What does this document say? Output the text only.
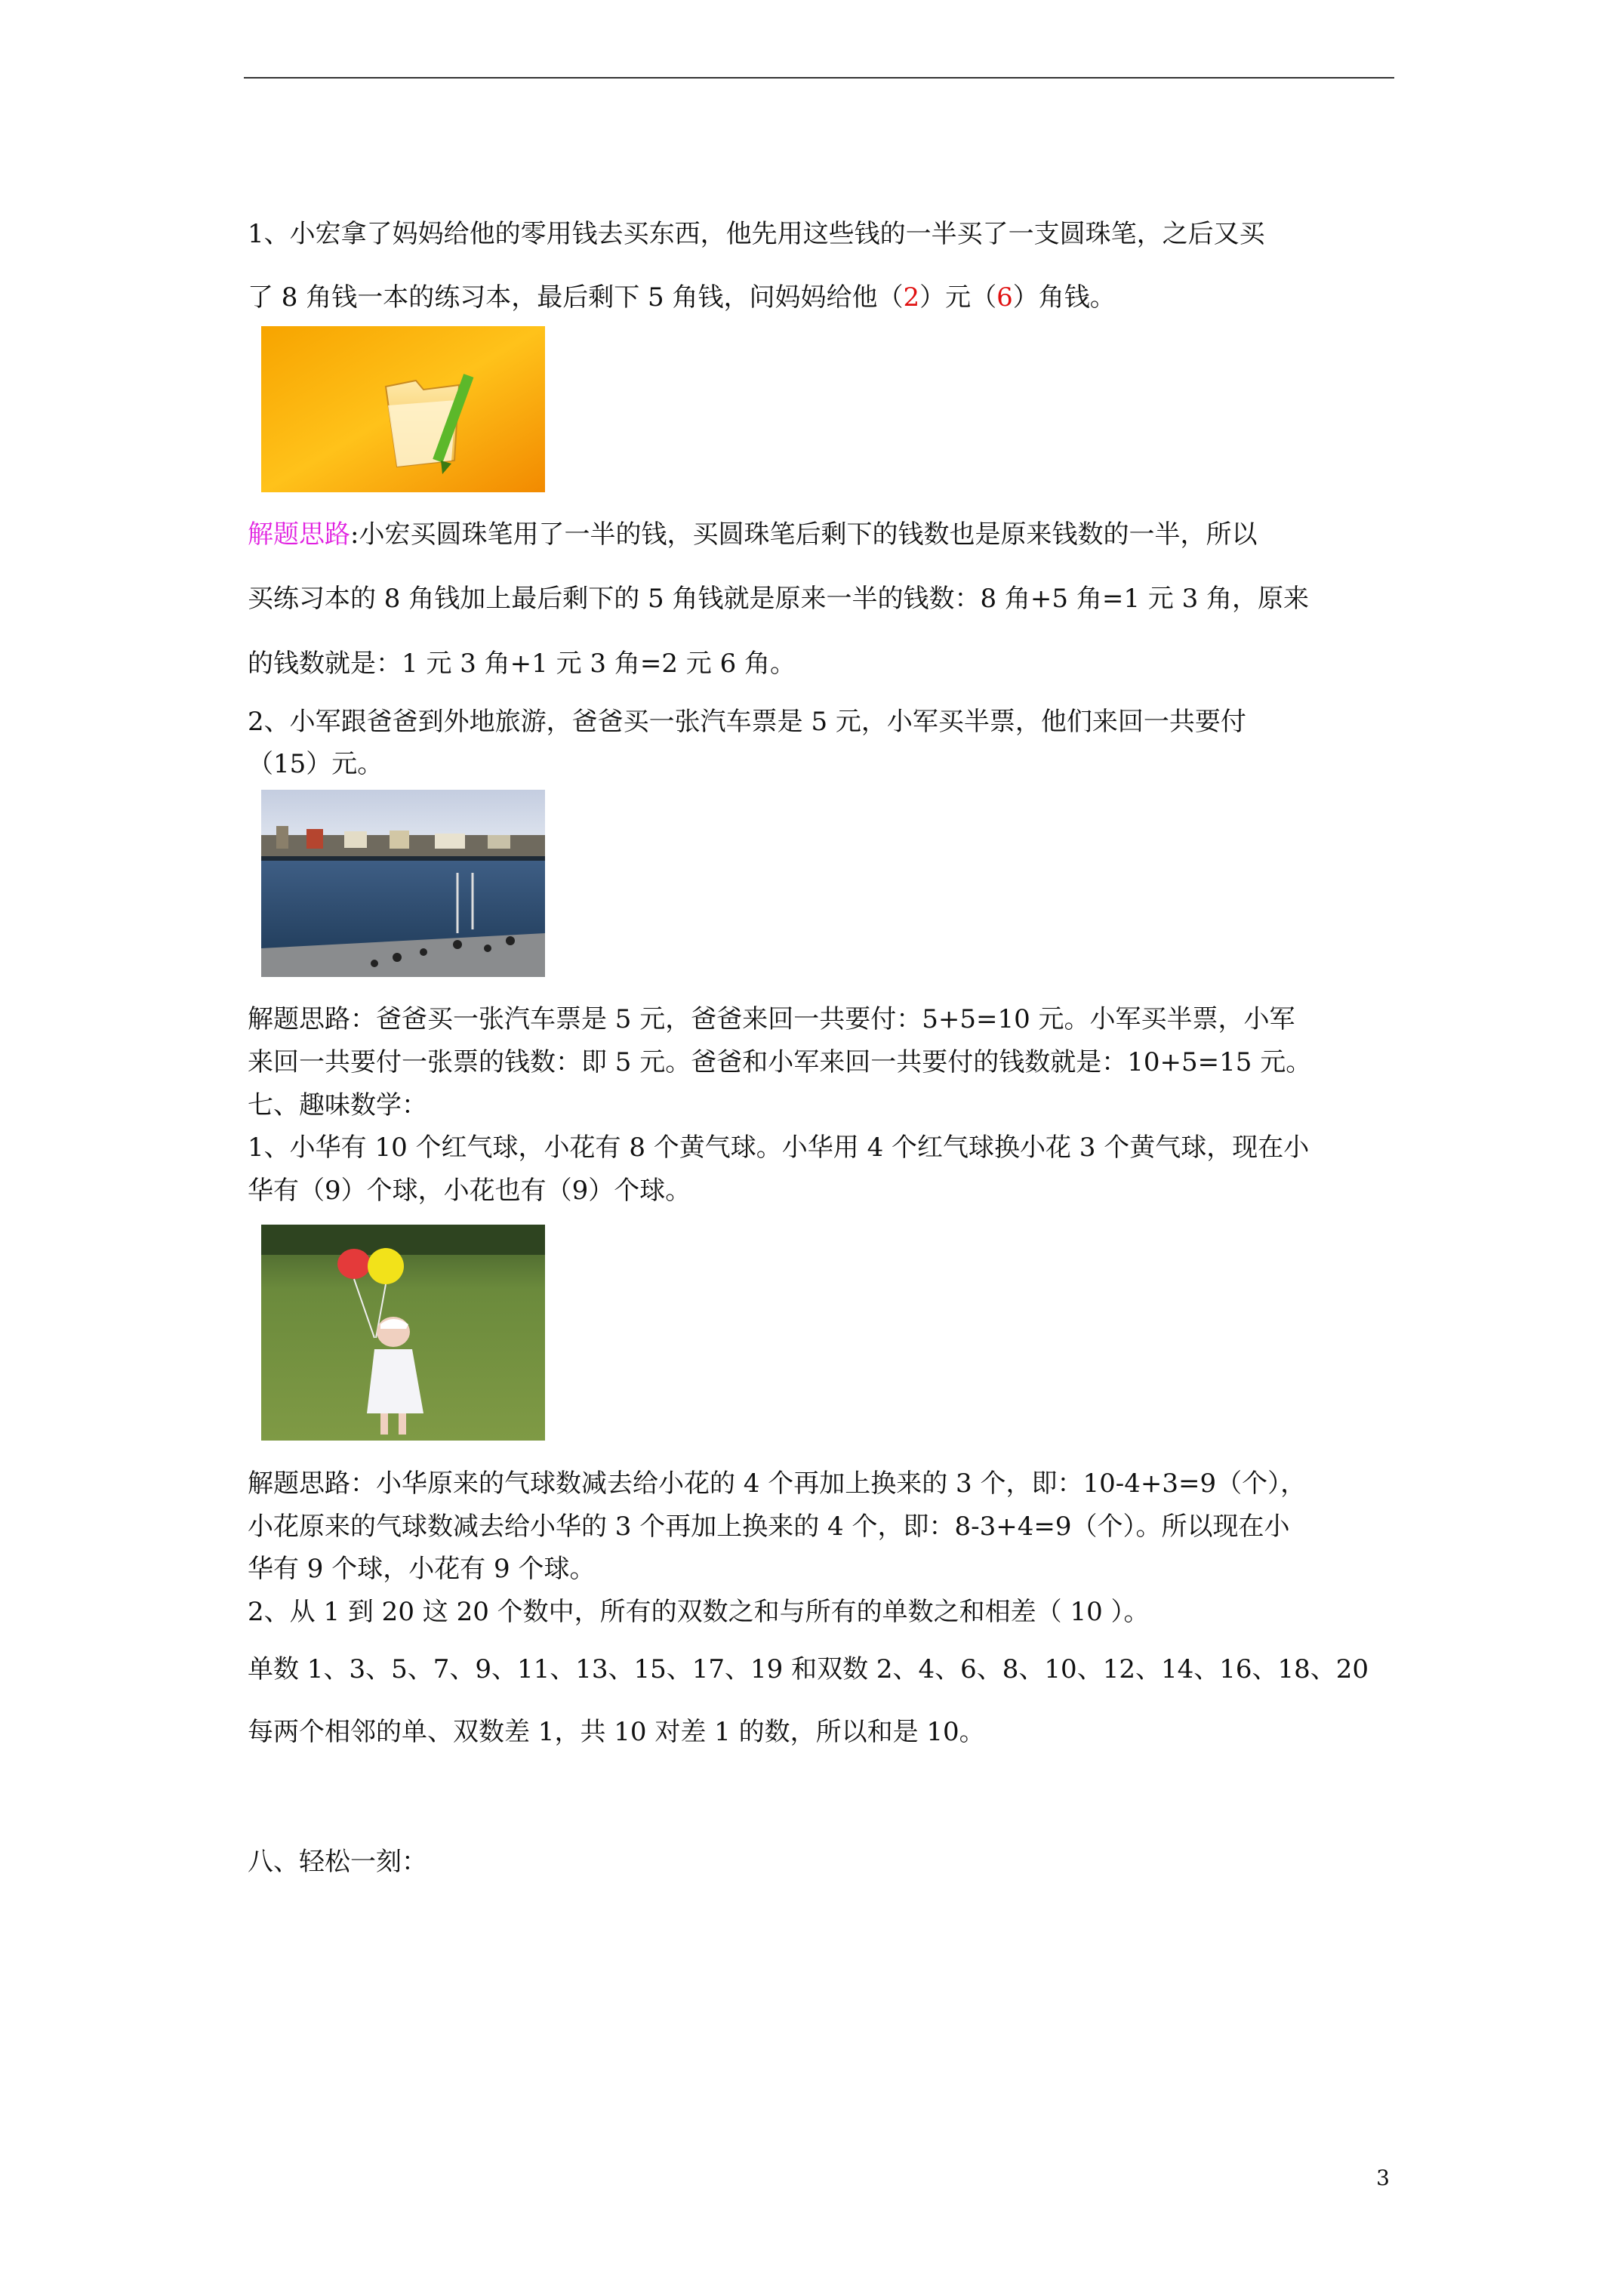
1、小宏拿了妈妈给他的零用钱去买东西，他先用这些钱的一半买了一支圆珠笔，之后又买
了 8 角钱一本的练习本，最后剩下 5 角钱，问妈妈给他（2）元（6）角钱。
解题思路:小宏买圆珠笔用了一半的钱，买圆珠笔后剩下的钱数也是原来钱数的一半，所以
买练习本的 8 角钱加上最后剩下的 5 角钱就是原来一半的钱数：8 角+5 角=1 元 3 角，原来
的钱数就是：1 元 3 角+1 元 3 角=2 元 6 角。
2、小军跟爸爸到外地旅游，爸爸买一张汽车票是 5 元，小军买半票，他们来回一共要付
（15）元。
解题思路：爸爸买一张汽车票是 5 元，爸爸来回一共要付：5+5=10 元。小军买半票，小军
来回一共要付一张票的钱数：即 5 元。爸爸和小军来回一共要付的钱数就是：10+5=15 元。
七、趣味数学：
1、小华有 10 个红气球，小花有 8 个黄气球。小华用 4 个红气球换小花 3 个黄气球，现在小
华有（9）个球，小花也有（9）个球。
解题思路：小华原来的气球数减去给小花的 4 个再加上换来的 3 个，即：10-4+3=9（个），
小花原来的气球数减去给小华的 3 个再加上换来的 4 个，即：8-3+4=9（个）。所以现在小
华有 9 个球，小花有 9 个球。
2、从 1 到 20 这 20 个数中，所有的双数之和与所有的单数之和相差（ 10 ）。
单数 1、3、5、7、9、11、13、15、17、19 和双数 2、4、6、8、10、12、14、16、18、20
每两个相邻的单、双数差 1，共 10 对差 1 的数，所以和是 10。
八、轻松一刻：
3
